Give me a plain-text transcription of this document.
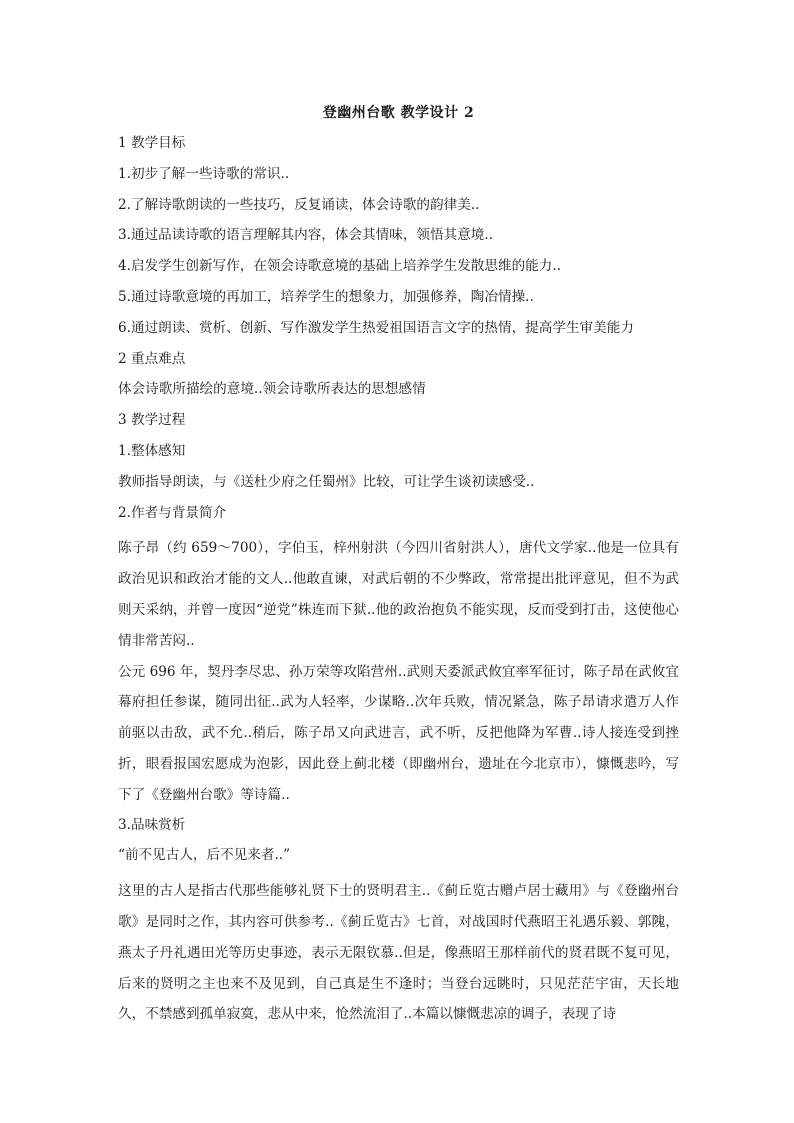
登幽州台歌 教学设计 2
1 教学目标
1.初步了解一些诗歌的常识..
2.了解诗歌朗读的一些技巧，反复诵读，体会诗歌的韵律美..
3.通过品读诗歌的语言理解其内容，体会其情味，领悟其意境..
4.启发学生创新写作，在领会诗歌意境的基础上培养学生发散思维的能力..
5.通过诗歌意境的再加工，培养学生的想象力，加强修养，陶冶情操..
6.通过朗读、赏析、创新、写作激发学生热爱祖国语言文字的热情，提高学生审美能力
2 重点难点
体会诗歌所描绘的意境..领会诗歌所表达的思想感情
3 教学过程
1.整体感知
教师指导朗读，与《送杜少府之任蜀州》比较，可让学生谈初读感受..
2.作者与背景简介
陈子昂（约 659～700），字伯玉，梓州射洪（今四川省射洪人），唐代文学家..他是一位具有政治见识和政治才能的文人..他敢直谏，对武后朝的不少弊政，常常提出批评意见，但不为武则天采纳，并曾一度因“逆党”株连而下狱..他的政治抱负不能实现，反而受到打击，这使他心情非常苦闷..
公元 696 年，契丹李尽忠、孙万荣等攻陷营州..武则天委派武攸宜率军征讨，陈子昂在武攸宜幕府担任参谋，随同出征..武为人轻率，少谋略..次年兵败，情况紧急，陈子昂请求遣万人作前驱以击敌，武不允..稍后，陈子昂又向武进言，武不听，反把他降为军曹..诗人接连受到挫折，眼看报国宏愿成为泡影，因此登上蓟北楼（即幽州台，遗址在今北京市），慷慨悲吟，写下了《登幽州台歌》等诗篇..
3.品味赏析
“前不见古人，后不见来者..”
这里的古人是指古代那些能够礼贤下士的贤明君主..《蓟丘览古赠卢居士藏用》与《登幽州台歌》是同时之作，其内容可供参考..《蓟丘览古》七首，对战国时代燕昭王礼遇乐毅、郭隗，燕太子丹礼遇田光等历史事迹，表示无限钦慕..但是，像燕昭王那样前代的贤君既不复可见，后来的贤明之主也来不及见到，自己真是生不逢时；当登台远眺时，只见茫茫宇宙，天长地久，不禁感到孤单寂寞，悲从中来，怆然流泪了..本篇以慷慨悲凉的调子，表现了诗
